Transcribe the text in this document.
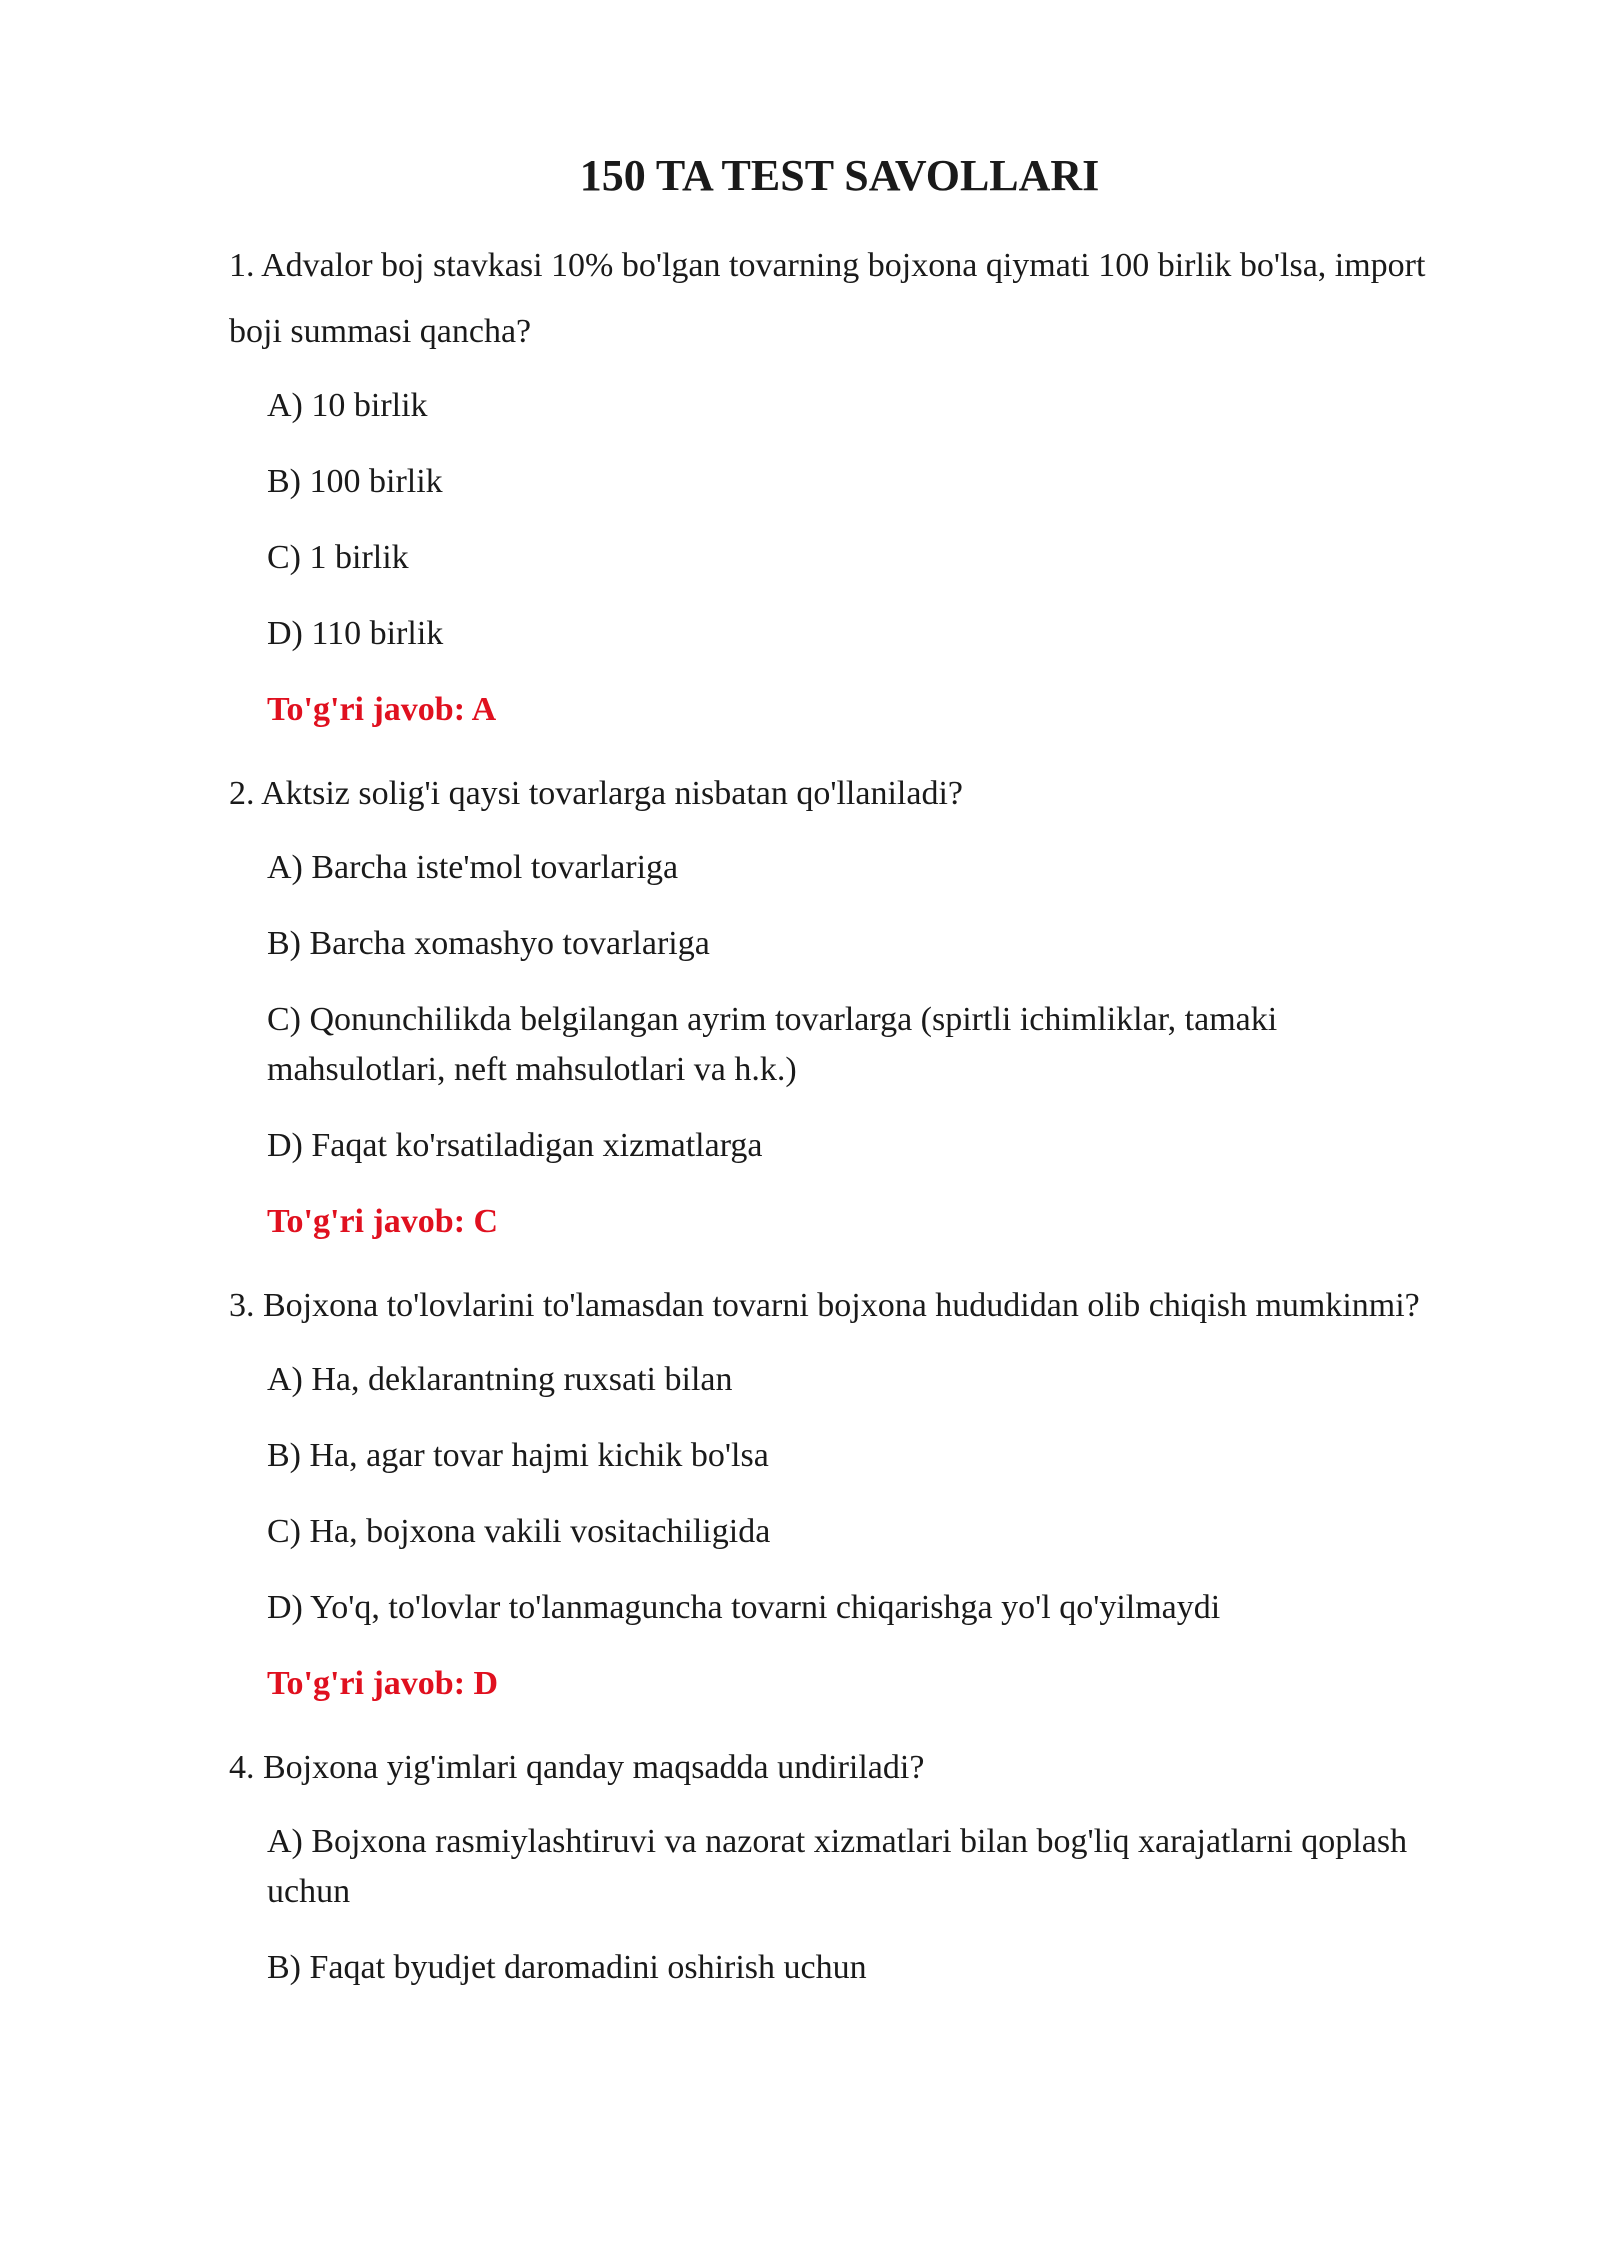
150 TA TEST SAVOLLARI

1. Advalor boj stavkasi 10% bo'lgan tovarning bojxona qiymati 100 birlik bo'lsa, import boji summasi qancha?

A) 10 birlik

B) 100 birlik

C) 1 birlik

D) 110 birlik

To'g'ri javob: A

2. Aktsiz solig'i qaysi tovarlarga nisbatan qo'llaniladi?

A) Barcha iste'mol tovarlariga

B) Barcha xomashyo tovarlariga

C) Qonunchilikda belgilangan ayrim tovarlarga (spirtli ichimliklar, tamaki mahsulotlari, neft mahsulotlari va h.k.)

D) Faqat ko'rsatiladigan xizmatlarga

To'g'ri javob: C

3. Bojxona to'lovlarini to'lamasdan tovarni bojxona hududidan olib chiqish mumkinmi?

A) Ha, deklarantning ruxsati bilan

B) Ha, agar tovar hajmi kichik bo'lsa

C) Ha, bojxona vakili vositachiligida

D) Yo'q, to'lovlar to'lanmaguncha tovarni chiqarishga yo'l qo'yilmaydi

To'g'ri javob: D

4. Bojxona yig'imlari qanday maqsadda undiriladi?

A) Bojxona rasmiylashtiruvi va nazorat xizmatlari bilan bog'liq xarajatlarni qoplash uchun

B) Faqat byudjet daromadini oshirish uchun
